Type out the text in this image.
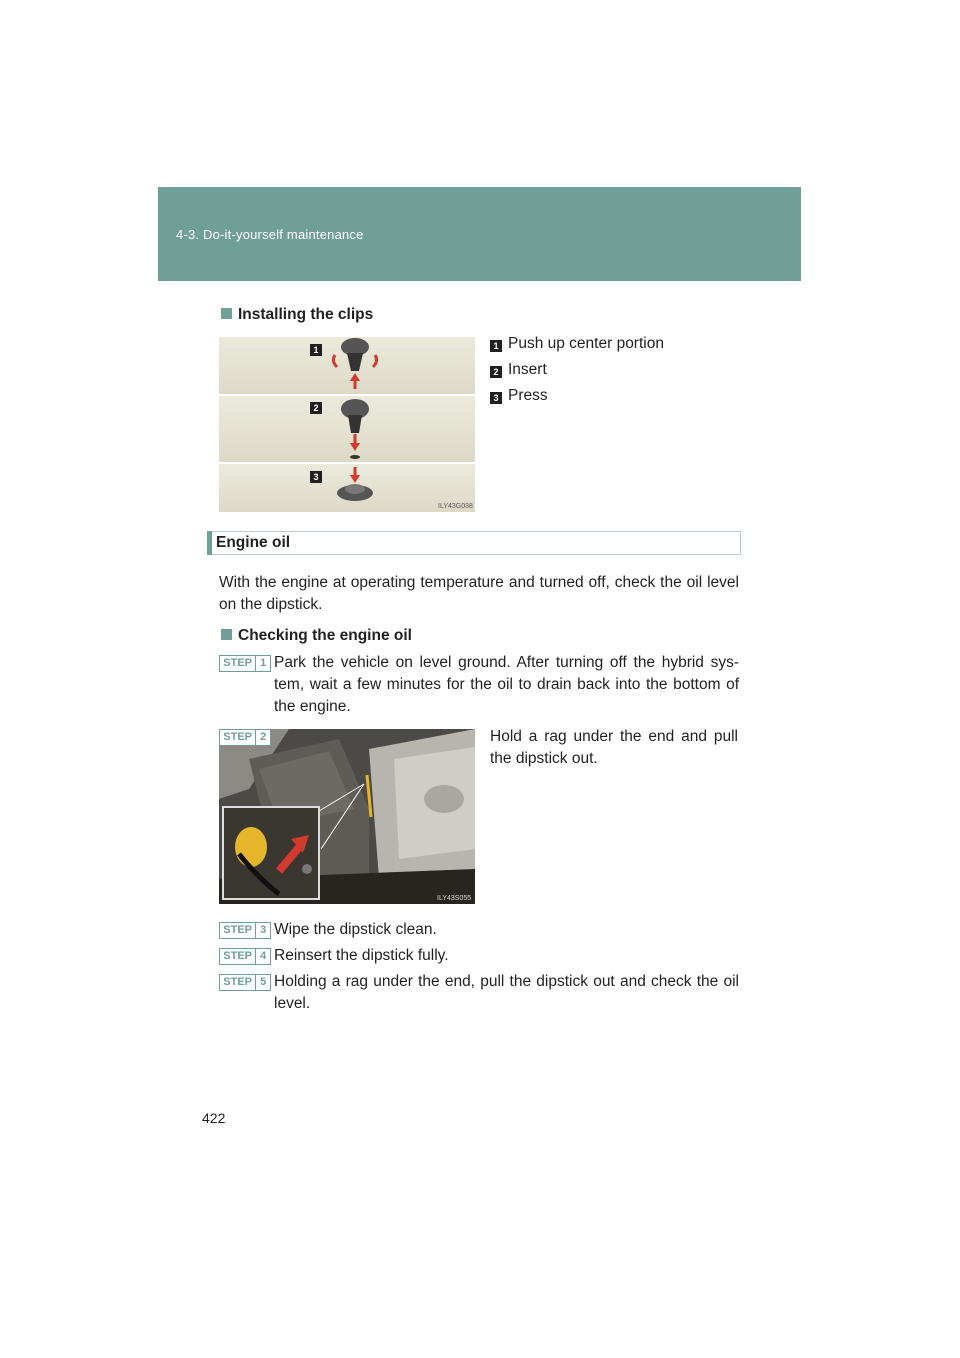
4-3. Do-it-yourself maintenance
Installing the clips
1
2
3
ILY43G038
1 Push up center portion
2 Insert
3 Press
Engine oil
With the engine at operating temperature and turned off, check the oil level on the dipstick.
Checking the engine oil
STEP 1 Park the vehicle on level ground. After turning off the hybrid sys-tem, wait a few minutes for the oil to drain back into the bottom of the engine.
STEP 2
ILY43S055
Hold a rag under the end and pull the dipstick out.
STEP 3 Wipe the dipstick clean.
STEP 4 Reinsert the dipstick fully.
STEP 5 Holding a rag under the end, pull the dipstick out and check the oil level.
422
